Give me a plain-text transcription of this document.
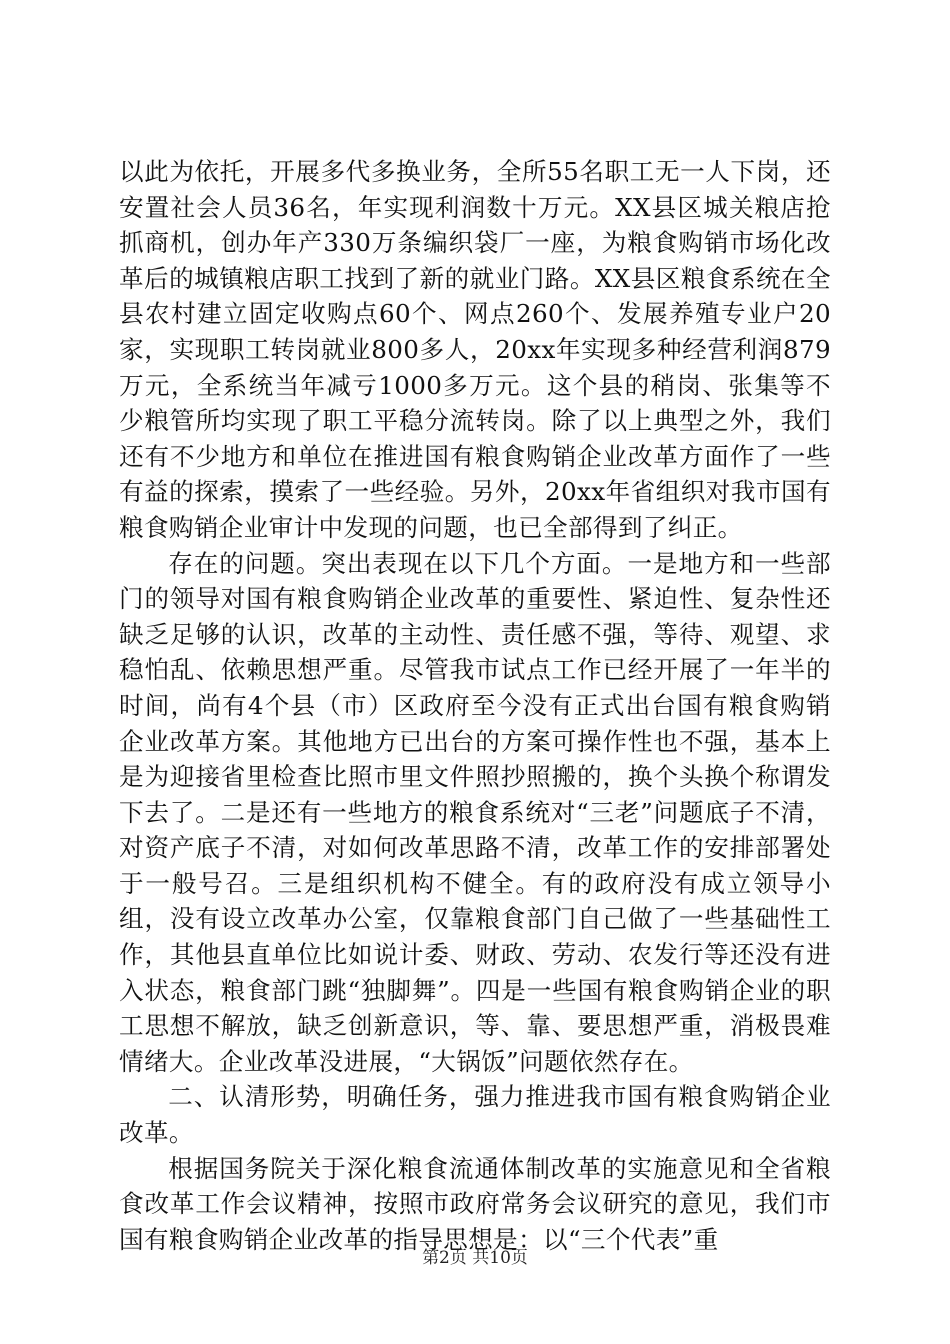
以此为依托，开展多代多换业务，全所55名职工无一人下岗，还安置社会人员36名，年实现利润数十万元。XX县区城关粮店抢抓商机，创办年产330万条编织袋厂一座，为粮食购销市场化改革后的城镇粮店职工找到了新的就业门路。XX县区粮食系统在全县农村建立固定收购点60个、网点260个、发展养殖专业户20家，实现职工转岗就业800多人，20xx年实现多种经营利润879万元，全系统当年减亏1000多万元。这个县的稍岗、张集等不少粮管所均实现了职工平稳分流转岗。除了以上典型之外，我们还有不少地方和单位在推进国有粮食购销企业改革方面作了一些有益的探索，摸索了一些经验。另外，20xx年省组织对我市国有粮食购销企业审计中发现的问题，也已全部得到了纠正。

存在的问题。突出表现在以下几个方面。一是地方和一些部门的领导对国有粮食购销企业改革的重要性、紧迫性、复杂性还缺乏足够的认识，改革的主动性、责任感不强，等待、观望、求稳怕乱、依赖思想严重。尽管我市试点工作已经开展了一年半的时间，尚有4个县（市）区政府至今没有正式出台国有粮食购销企业改革方案。其他地方已出台的方案可操作性也不强，基本上是为迎接省里检查比照市里文件照抄照搬的，换个头换个称谓发下去了。二是还有一些地方的粮食系统对“三老”问题底子不清，对资产底子不清，对如何改革思路不清，改革工作的安排部署处于一般号召。三是组织机构不健全。有的政府没有成立领导小组，没有设立改革办公室，仅靠粮食部门自己做了一些基础性工作，其他县直单位比如说计委、财政、劳动、农发行等还没有进入状态，粮食部门跳“独脚舞”。四是一些国有粮食购销企业的职工思想不解放，缺乏创新意识，等、靠、要思想严重，消极畏难情绪大。企业改革没进展，“大锅饭”问题依然存在。

二、认清形势，明确任务，强力推进我市国有粮食购销企业改革。

根据国务院关于深化粮食流通体制改革的实施意见和全省粮食改革工作会议精神，按照市政府常务会议研究的意见，我们市国有粮食购销企业改革的指导思想是：以“三个代表”重

第2页 共10页
